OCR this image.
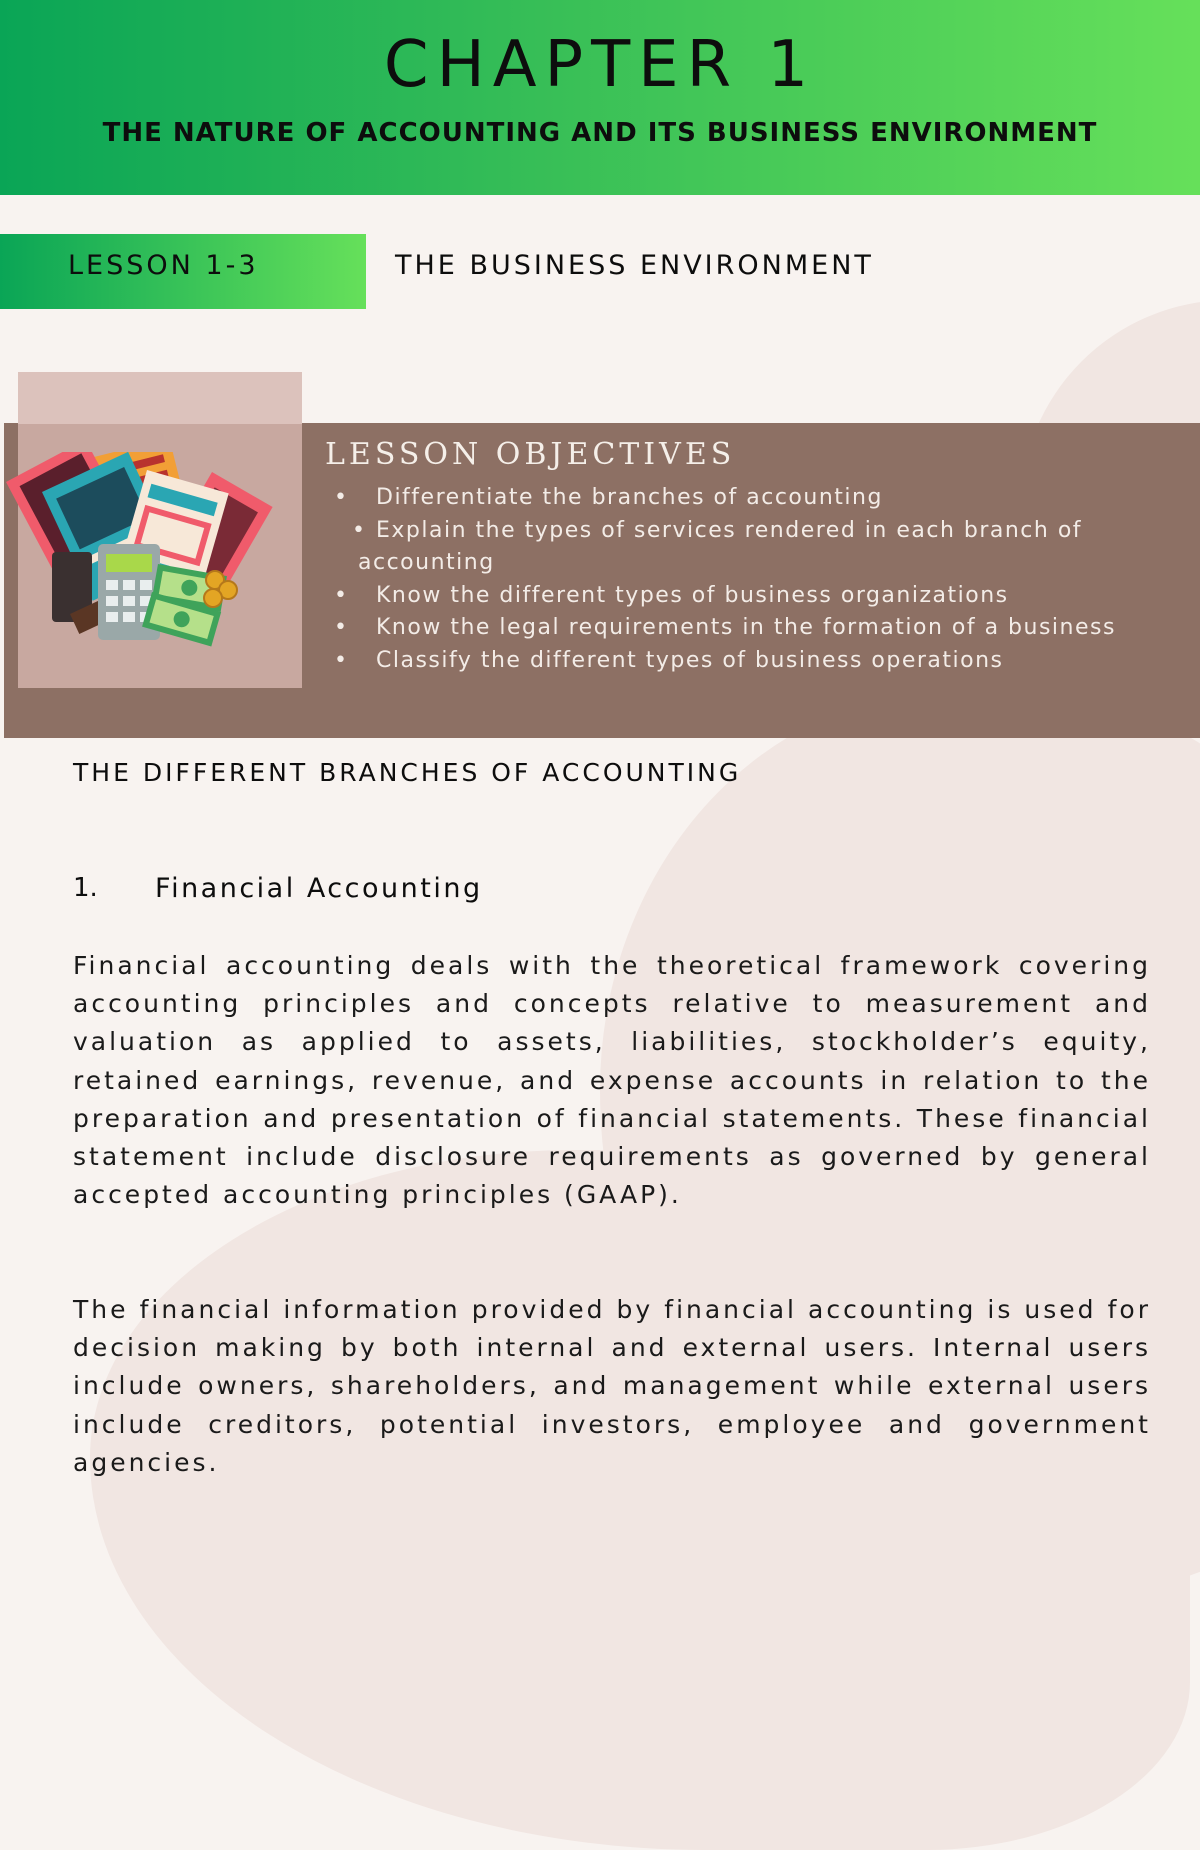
CHAPTER 1
THE NATURE OF ACCOUNTING AND ITS BUSINESS ENVIRONMENT
LESSON 1-3	THE BUSINESS ENVIRONMENT
LESSON OBJECTIVES
• Differentiate the branches of accounting
• Explain the types of services rendered in each branch of accounting
• Know the different types of business organizations
• Know the legal requirements in the formation of a business
• Classify the different types of business operations
THE DIFFERENT BRANCHES OF ACCOUNTING
1. Financial Accounting

Financial accounting deals with the theoretical framework covering accounting principles and concepts relative to measurement and valuation as applied to assets, liabilities, stockholder’s equity, retained earnings, revenue, and expense accounts in relation to the preparation and presentation of financial statements. These financial statement include disclosure requirements as governed by general accepted accounting principles (GAAP).

The financial information provided by financial accounting is used for decision making by both internal and external users. Internal users include owners, shareholders, and management while external users include creditors, potential investors, employee and government agencies.
